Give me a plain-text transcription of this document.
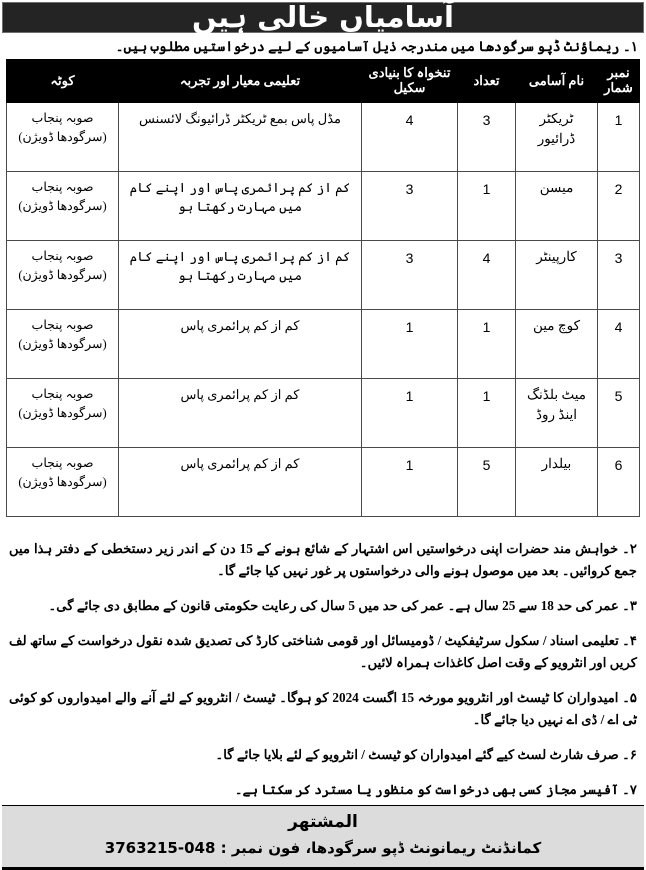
آسامیاں خالی ہیں
۱۔ ریماؤنٹ ڈپو سرگودھا میں مندرجہ ذیل آسامیوں کے لیے درخواستیں مطلوب ہیں۔
نمبر شمار	نام آسامی	تعداد	تنخواہ کا بنیادی سکیل	تعلیمی معیار اور تجربہ	کوٹہ
1	ٹریکٹر ڈرائیور	3	4	مڈل پاس بمع ٹریکٹر ڈرائیونگ لائسنس	صوبہ پنجاب
(سرگودھا ڈویژن)

2	میسن	1	3	کم از کم پرائمری پاس اور اپنے کام میں مہارت رکھتا ہو	صوبہ پنجاب
(سرگودھا ڈویژن)

3	کارپینٹر	4	3	کم از کم پرائمری پاس اور اپنے کام میں مہارت رکھتا ہو	صوبہ پنجاب
(سرگودھا ڈویژن)

4	کوچ مین	1	1	کم از کم پرائمری پاس	صوبہ پنجاب
(سرگودھا ڈویژن)

5	میٹ بلڈنگ اینڈ روڈ	1	1	کم از کم پرائمری پاس	صوبہ پنجاب
(سرگودھا ڈویژن)

6	بیلدار	5	1	کم از کم پرائمری پاس	صوبہ پنجاب
(سرگودھا ڈویژن)

۲۔ خواہش مند حضرات اپنی درخواستیں اس اشتہار کے شائع ہونے کے 15 دن کے اندر زیر دستخطی کے دفتر ہذا میں جمع کروائیں۔ بعد میں موصول ہونے والی درخواستوں پر غور نہیں کیا جائے گا۔

۳۔ عمر کی حد 18 سے 25 سال ہے۔ عمر کی حد میں 5 سال کی رعایت حکومتی قانون کے مطابق دی جائے گی۔

۴۔ تعلیمی اسناد / سکول سرٹیفکیٹ / ڈومیسائل اور قومی شناختی کارڈ کی تصدیق شدہ نقول درخواست کے ساتھ لف کریں اور انٹرویو کے وقت اصل کاغذات ہمراہ لائیں۔

۵۔ امیدواران کا ٹیسٹ اور انٹرویو مورخہ 15 اگست 2024 کو ہوگا۔ ٹیسٹ / انٹرویو کے لئے آنے والے امیدواروں کو کوئی ٹی اے / ڈی اے نہیں دیا جائے گا۔

۶۔ صرف شارٹ لسٹ کیے گئے امیدواران کو ٹیسٹ / انٹرویو کے لئے بلایا جائے گا۔

۷۔ آفیسر مجاز کسی بھی درخواست کو منظور یا مسترد کر سکتا ہے۔

المشتهر
کمانڈنٹ ریمانونٹ ڈپو سرگودھا، فون نمبر : 048-3763215
